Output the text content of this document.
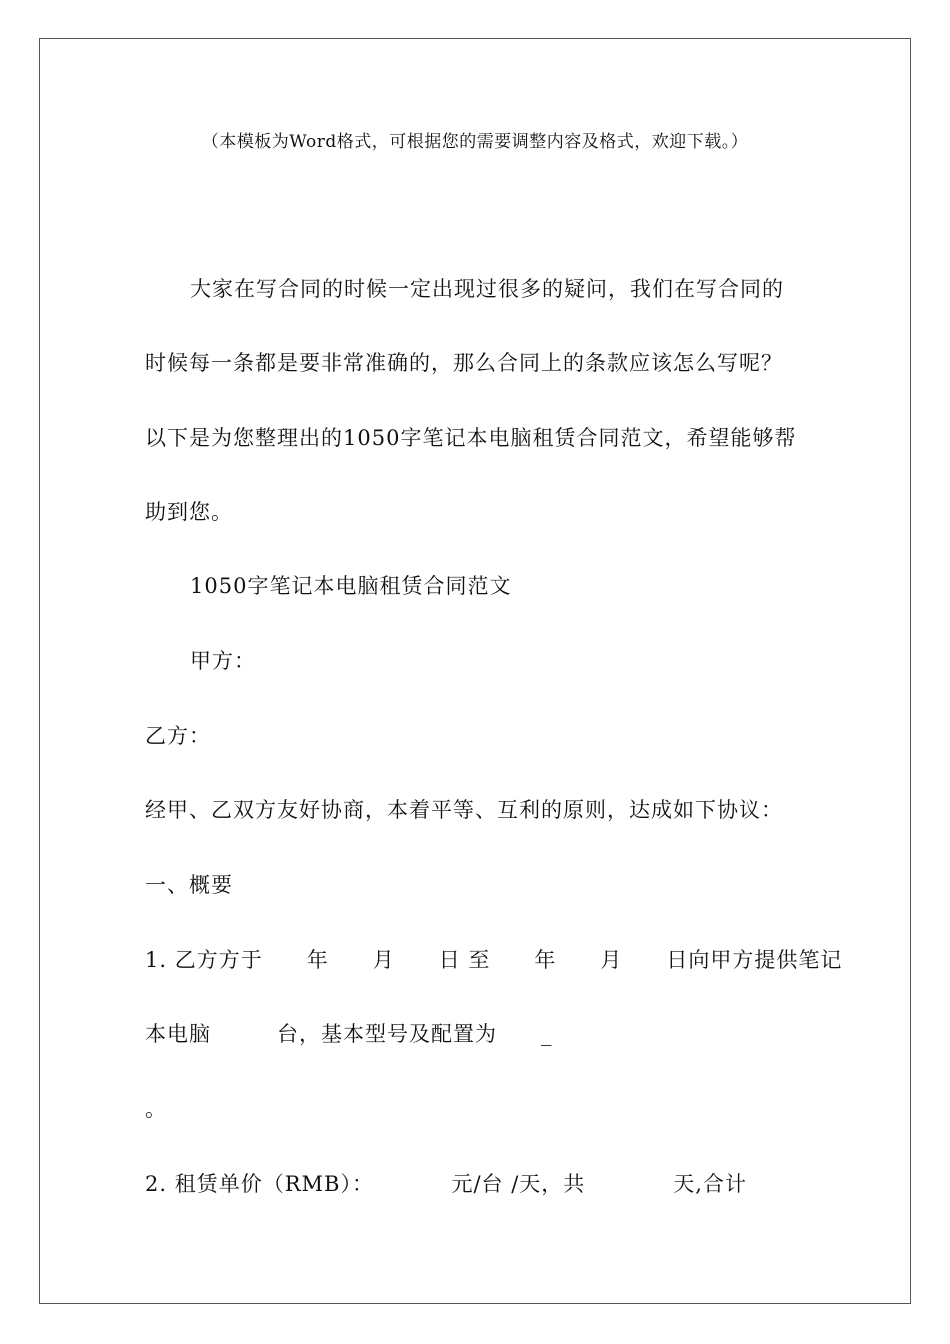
（本模板为Word格式，可根据您的需要调整内容及格式，欢迎下载。）
大家在写合同的时候一定出现过很多的疑问，我们在写合同的
时候每一条都是要非常准确的，那么合同上的条款应该怎么写呢？
以下是为您整理出的1050字笔记本电脑租赁合同范文，希望能够帮
助到您。
1050字笔记本电脑租赁合同范文
甲方：
乙方：
经甲、乙双方友好协商，本着平等、互利的原则，达成如下协议：
一、概要
1. 乙方方于　　年　　月　　日 至　　年　　月　　日向甲方提供笔记
本电脑　　　台，基本型号及配置为　　_
。
2. 租赁单价（RMB）：　　　　元/台 /天，共　　　　天,合计
